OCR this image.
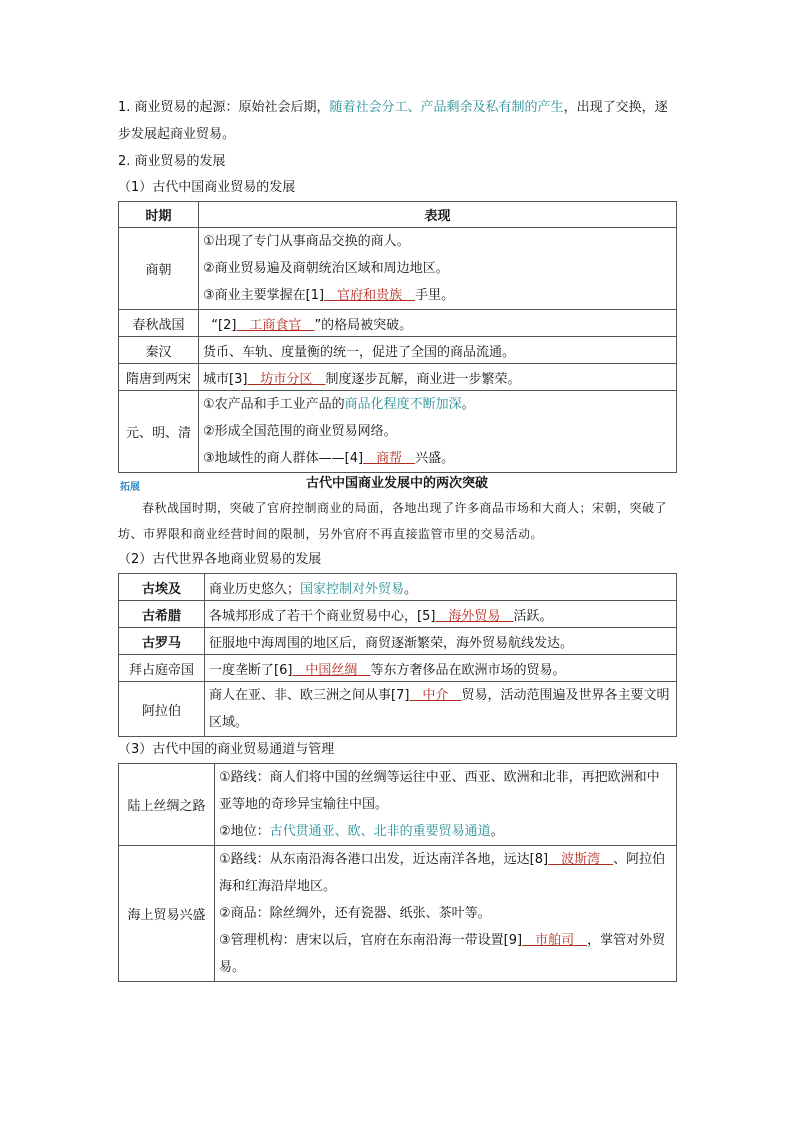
1. 商业贸易的起源：原始社会后期，随着社会分工、产品剩余及私有制的产生，出现了交换，逐步发展起商业贸易。

2. 商业贸易的发展

（1）古代中国商业贸易的发展

时期	表现
商朝	①出现了专门从事商品交换的商人。
②商业贸易遍及商朝统治区域和周边地区。
③商业主要掌握在[1]　官府和贵族　手里。

春秋战国	“[2]　工商食官　”的格局被突破。
秦汉	货币、车轨、度量衡的统一，促进了全国的商品流通。
隋唐到两宋	城市[3]　坊市分区　制度逐步瓦解，商业进一步繁荣。
元、明、清	①农产品和手工业产品的商品化程度不断加深。
②形成全国范围的商业贸易网络。
③地域性的商人群体——[4]　商帮　兴盛。
拓展	古代中国商业发展中的两次突破

春秋战国时期，突破了官府控制商业的局面，各地出现了许多商品市场和大商人；宋朝，突破了坊、市界限和商业经营时间的限制，另外官府不再直接监管市里的交易活动。

（2）古代世界各地商业贸易的发展

古埃及	商业历史悠久；国家控制对外贸易。
古希腊	各城邦形成了若干个商业贸易中心，[5]　海外贸易　活跃。
古罗马	征服地中海周围的地区后，商贸逐渐繁荣，海外贸易航线发达。
拜占庭帝国	一度垄断了[6]　中国丝绸　等东方奢侈品在欧洲市场的贸易。
阿拉伯	商人在亚、非、欧三洲之间从事[7]　中介　贸易，活动范围遍及世界各主要文明区域。

（3）古代中国的商业贸易通道与管理

陆上丝绸之路	①路线：商人们将中国的丝绸等运往中亚、西亚、欧洲和北非，再把欧洲和中亚等地的奇珍异宝输往中国。
②地位：古代贯通亚、欧、北非的重要贸易通道。

海上贸易兴盛	①路线：从东南沿海各港口出发，近达南洋各地，远达[8]　波斯湾　、阿拉伯海和红海沿岸地区。
②商品：除丝绸外，还有瓷器、纸张、茶叶等。
③管理机构：唐宋以后，官府在东南沿海一带设置[9]　市舶司　，掌管对外贸易。
